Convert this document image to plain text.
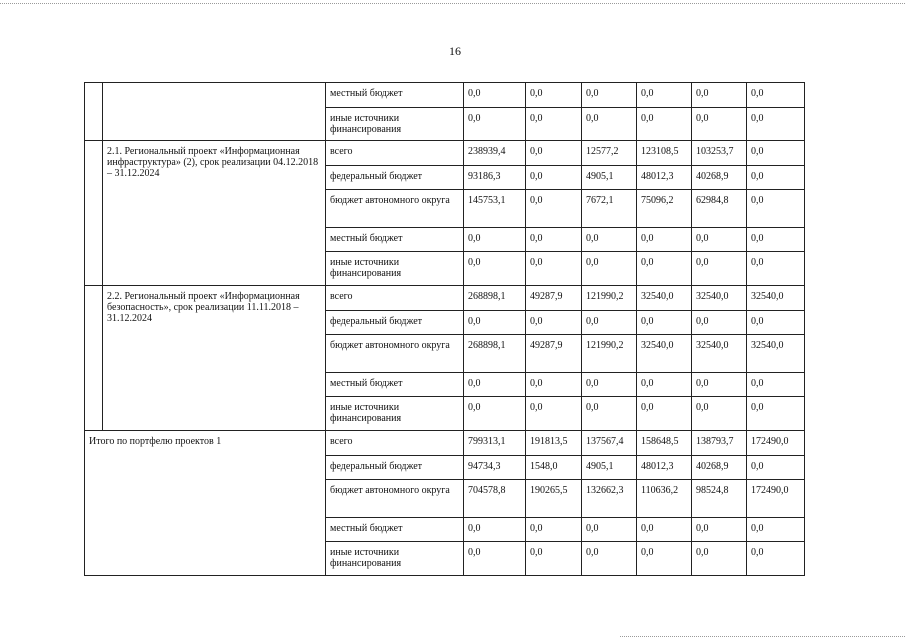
16
		местный бюджет	0,0	0,0	0,0	0,0	0,0	0,0
		иные источники финансирования	0,0	0,0	0,0	0,0	0,0	0,0
	2.1. Региональный проект «Информационная инфраструктура» (2), срок реализации 04.12.2018 – 31.12.2024	всего	238939,4	0,0	12577,2	123108,5	103253,7	0,0
		федеральный бюджет	93186,3	0,0	4905,1	48012,3	40268,9	0,0
		бюджет автономного округа	145753,1	0,0	7672,1	75096,2	62984,8	0,0
		местный бюджет	0,0	0,0	0,0	0,0	0,0	0,0
		иные источники финансирования	0,0	0,0	0,0	0,0	0,0	0,0
	2.2. Региональный проект «Информационная безопасность», срок реализации 11.11.2018 – 31.12.2024	всего	268898,1	49287,9	121990,2	32540,0	32540,0	32540,0
		федеральный бюджет	0,0	0,0	0,0	0,0	0,0	0,0
		бюджет автономного округа	268898,1	49287,9	121990,2	32540,0	32540,0	32540,0
		местный бюджет	0,0	0,0	0,0	0,0	0,0	0,0
		иные источники финансирования	0,0	0,0	0,0	0,0	0,0	0,0
Итого по портфелю проектов 1		всего	799313,1	191813,5	137567,4	158648,5	138793,7	172490,0
		федеральный бюджет	94734,3	1548,0	4905,1	48012,3	40268,9	0,0
		бюджет автономного округа	704578,8	190265,5	132662,3	110636,2	98524,8	172490,0
		местный бюджет	0,0	0,0	0,0	0,0	0,0	0,0
		иные источники финансирования	0,0	0,0	0,0	0,0	0,0	0,0
